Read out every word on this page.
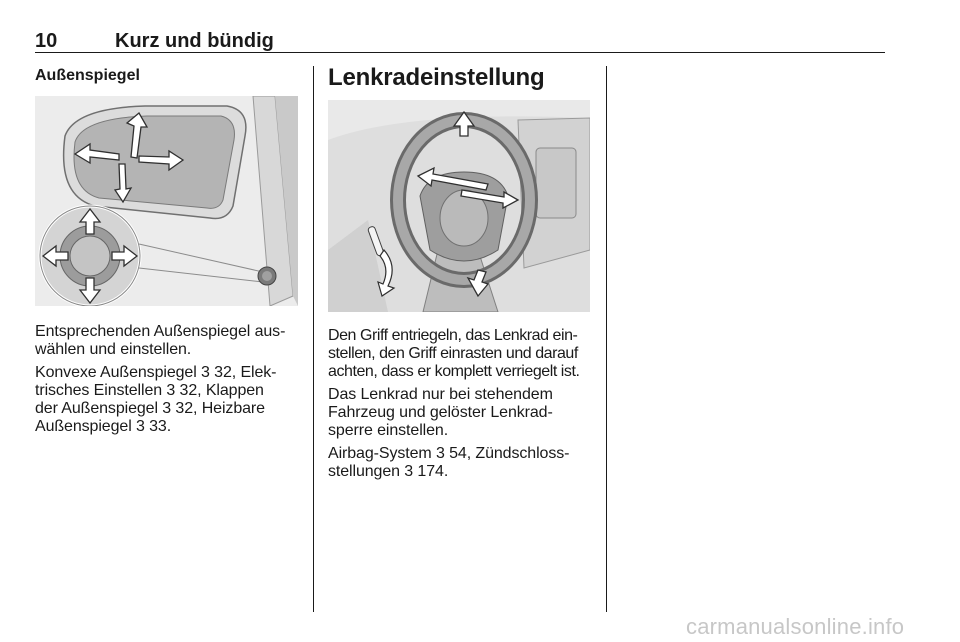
10	Kurz und bündig
Außenspiegel

Entsprechenden Außenspiegel aus-
wählen und einstellen.

Konvexe Außenspiegel 3 32, Elek-
trisches Einstellen 3 32, Klappen
der Außenspiegel 3 32, Heizbare
Außenspiegel 3 33.

Lenkradeinstellung

Den Griff entriegeln, das Lenkrad ein-
stellen, den Griff einrasten und darauf
achten, dass er komplett verriegelt ist.

Das Lenkrad nur bei stehendem
Fahrzeug und gelöster Lenkrad-
sperre einstellen.

Airbag-System 3 54, Zündschloss-
stellungen 3 174.

carmanualsonline.info
